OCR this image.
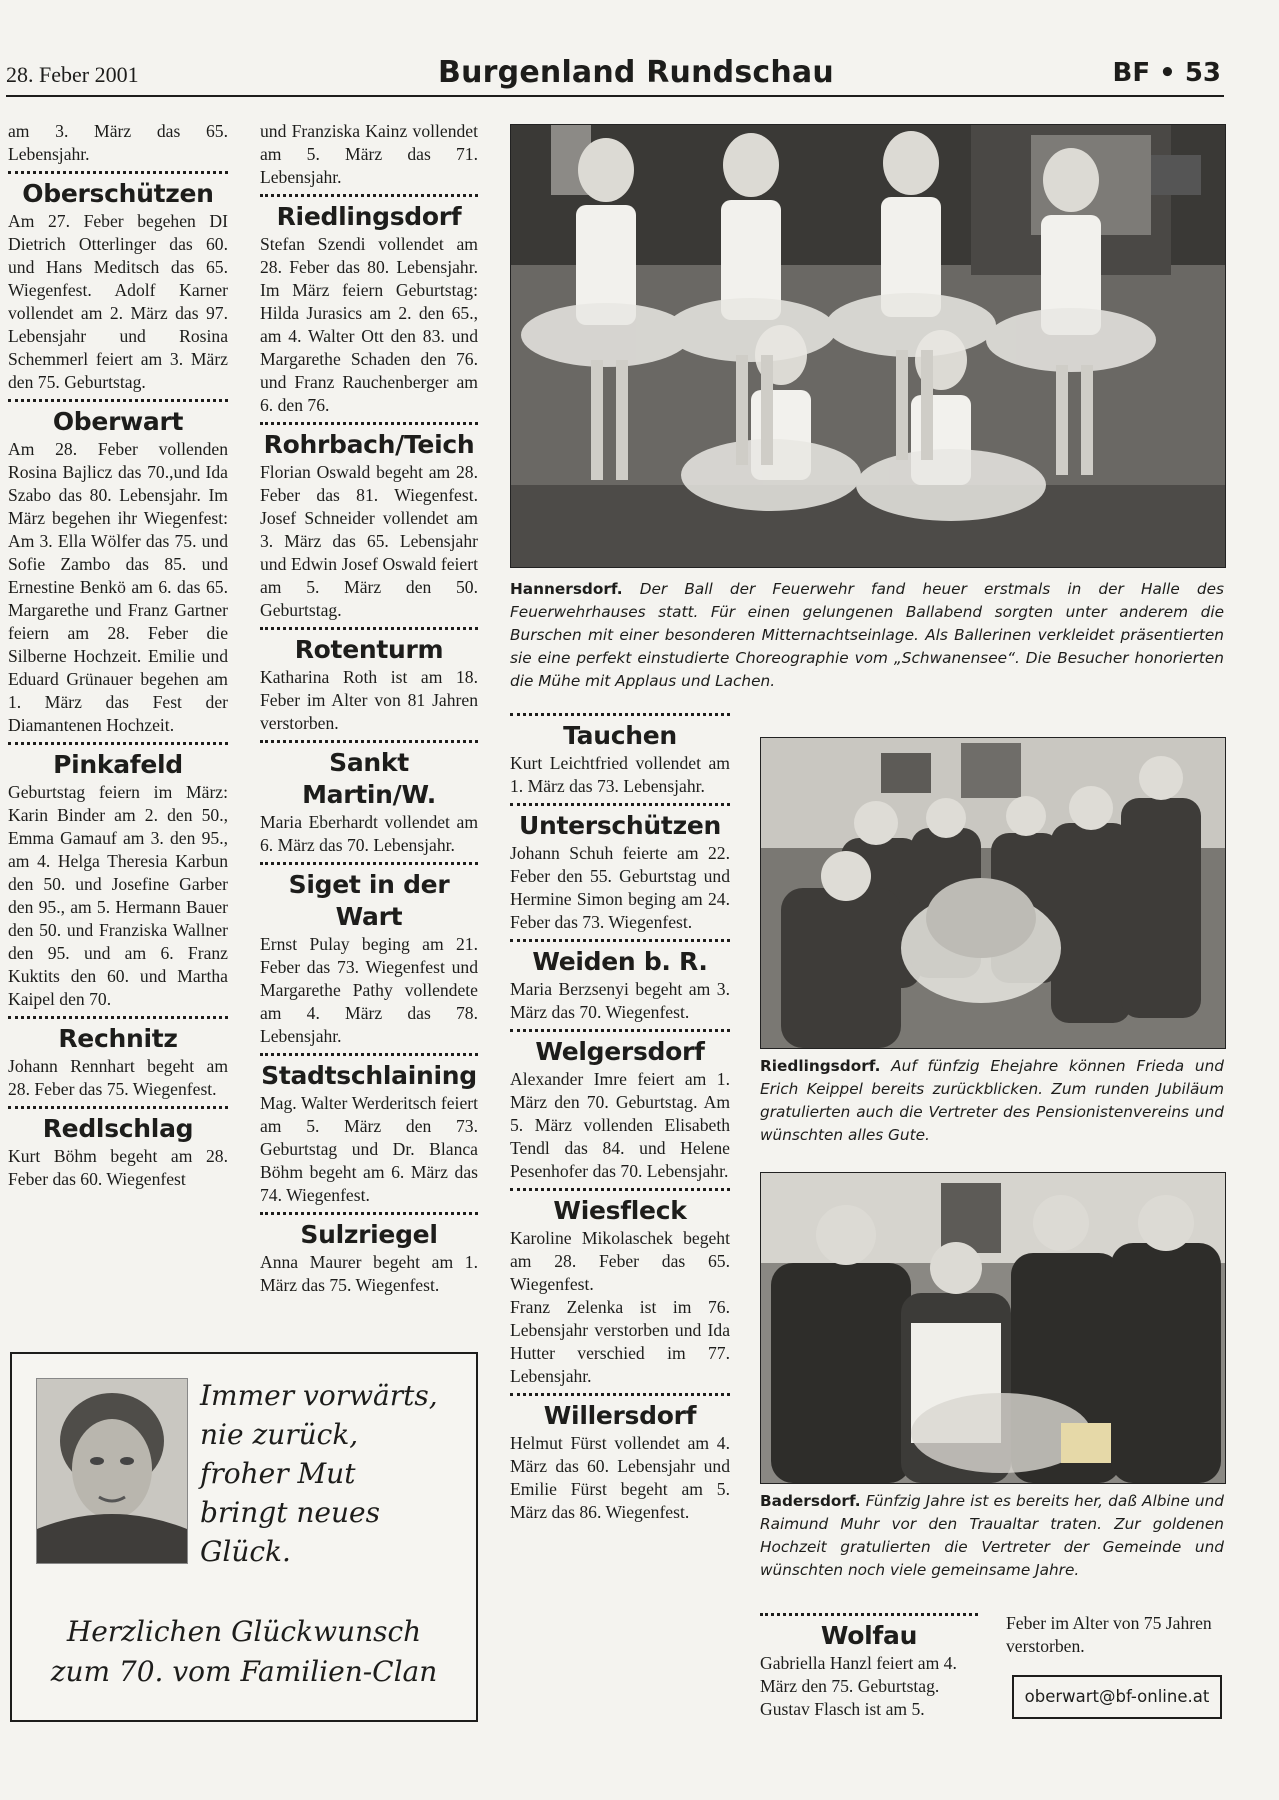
28. Feber 2001	Burgenland Rundschau	BF • 53

am 3. März das 65. Lebensjahr.

Oberschützen

Am 27. Feber begehen DI Dietrich Otterlinger das 60. und Hans Meditsch das 65. Wiegenfest. Adolf Karner vollendet am 2. März das 97. Lebensjahr und Rosina Schemmerl feiert am 3. März den 75. Geburtstag.

Oberwart

Am 28. Feber vollenden Rosina Bajlicz das 70.,und Ida Szabo das 80. Lebensjahr. Im März begehen ihr Wiegenfest: Am 3. Ella Wölfer das 75. und Sofie Zambo das 85. und Ernestine Benkö am 6. das 65. Margarethe und Franz Gartner feiern am 28. Feber die Silberne Hochzeit. Emilie und Eduard Grünauer begehen am 1. März das Fest der Diamantenen Hochzeit.

Pinkafeld

Geburtstag feiern im März: Karin Binder am 2. den 50., Emma Gamauf am 3. den 95., am 4. Helga Theresia Karbun den 50. und Josefine Garber den 95., am 5. Hermann Bauer den 50. und Franziska Wallner den 95. und am 6. Franz Kuktits den 60. und Martha Kaipel den 70.

Rechnitz

Johann Rennhart begeht am 28. Feber das 75. Wiegenfest.

Redlschlag

Kurt Böhm begeht am 28. Feber das 60. Wiegenfest

und Franziska Kainz vollendet am 5. März das 71. Lebensjahr.

Riedlingsdorf

Stefan Szendi vollendet am 28. Feber das 80. Lebensjahr. Im März feiern Geburtstag: Hilda Jurasics am 2. den 65., am 4. Walter Ott den 83. und Margarethe Schaden den 76. und Franz Rauchenberger am 6. den 76.

Rohrbach/Teich

Florian Oswald begeht am 28. Feber das 81. Wiegenfest. Josef Schneider vollendet am 3. März das 65. Lebensjahr und Edwin Josef Oswald feiert am 5. März den 50. Geburtstag.

Rotenturm

Katharina Roth ist am 18. Feber im Alter von 81 Jahren verstorben.

Sankt Martin/W.

Maria Eberhardt vollendet am 6. März das 70. Lebensjahr.

Siget in der Wart

Ernst Pulay beging am 21. Feber das 73. Wiegenfest und Margarethe Pathy vollendete am 4. März das 78. Lebensjahr.

Stadtschlaining

Mag. Walter Werderitsch feiert am 5. März den 73. Geburtstag und Dr. Blanca Böhm begeht am 6. März das 74. Wiegenfest.

Sulzriegel

Anna Maurer begeht am 1. März das 75. Wiegenfest.

Hannersdorf. Der Ball der Feuerwehr fand heuer erstmals in der Halle des Feuerwehrhauses statt. Für einen gelungenen Ballabend sorgten unter anderem die Burschen mit einer besonderen Mitternachtseinlage. Als Ballerinen verkleidet präsentierten sie eine perfekt einstudierte Choreographie vom „Schwanensee“. Die Besucher honorierten die Mühe mit Applaus und Lachen.
Tauchen

Kurt Leichtfried vollendet am 1. März das 73. Lebensjahr.

Unterschützen

Johann Schuh feierte am 22. Feber den 55. Geburtstag und Hermine Simon beging am 24. Feber das 73. Wiegenfest.

Weiden b. R.

Maria Berzsenyi begeht am 3. März das 70. Wiegenfest.

Welgersdorf

Alexander Imre feiert am 1. März den 70. Geburtstag. Am 5. März vollenden Elisabeth Tendl das 84. und Helene Pesenhofer das 70. Lebensjahr.

Wiesfleck

Karoline Mikolaschek begeht am 28. Feber das 65. Wiegenfest.

Franz Zelenka ist im 76. Lebensjahr verstorben und Ida Hutter verschied im 77. Lebensjahr.

Willersdorf

Helmut Fürst vollendet am 4. März das 60. Lebensjahr und Emilie Fürst begeht am 5. März das 86. Wiegenfest.

Riedlingsdorf. Auf fünfzig Ehejahre können Frieda und Erich Keippel bereits zurückblicken. Zum runden Jubiläum gratulierten auch die Vertreter des Pensionistenvereins und wünschten alles Gute.
Badersdorf. Fünfzig Jahre ist es bereits her, daß Albine und Raimund Muhr vor den Traualtar traten. Zur goldenen Hochzeit gratulierten die Vertreter der Gemeinde und wünschten noch viele gemeinsame Jahre.
Wolfau

Gabriella Hanzl feiert am 4. März den 75. Geburtstag. Gustav Flasch ist am 5.

Feber im Alter von 75 Jahren verstorben.

oberwart@bf-online.at
Immer vorwärts,
nie zurück,
froher Mut
bringt neues
Glück.
Herzlichen Glückwunsch
zum 70. vom Familien-Clan
